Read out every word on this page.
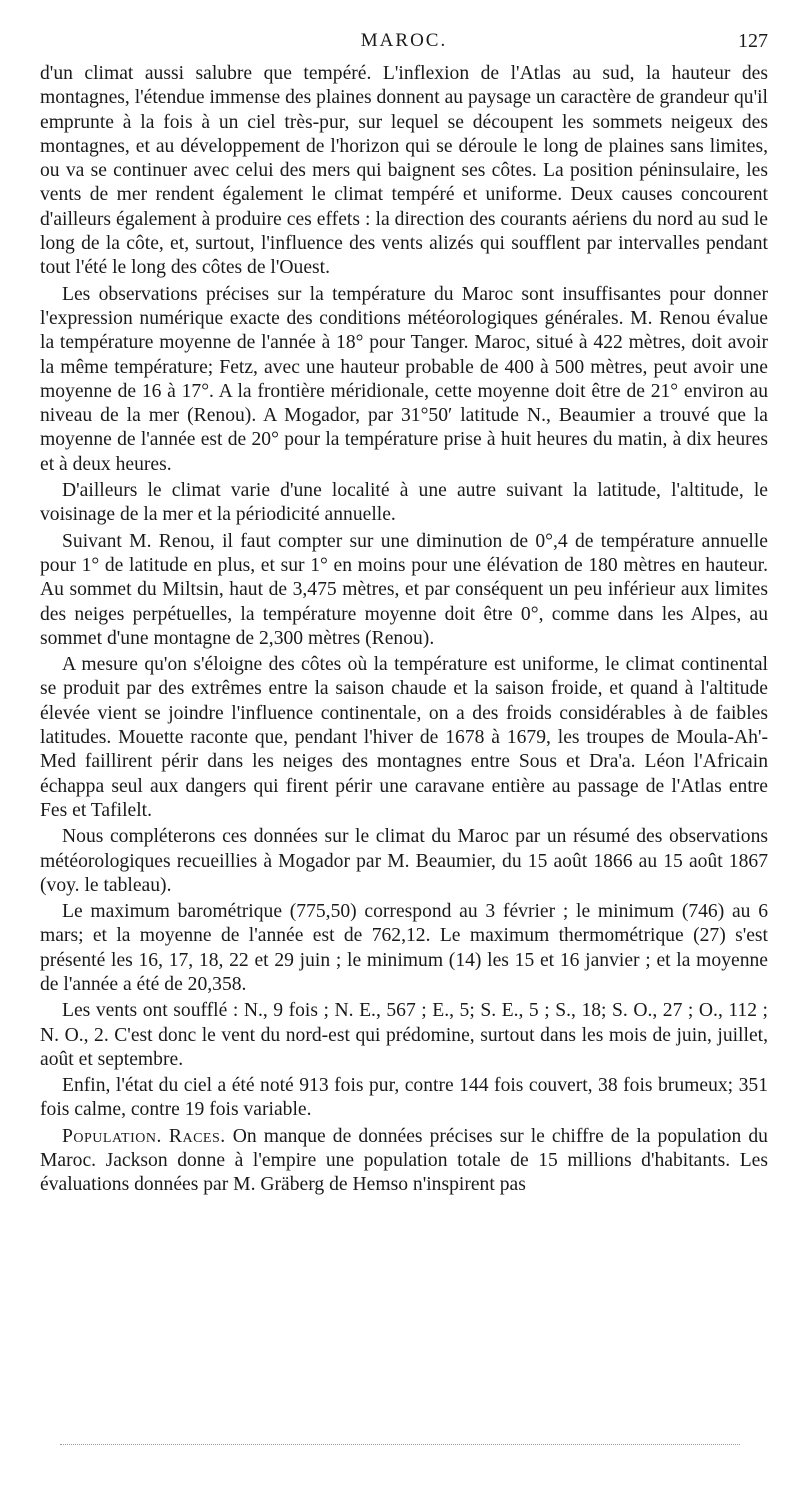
MAROC.	127

d'un climat aussi salubre que tempéré. L'inflexion de l'Atlas au sud, la hauteur des montagnes, l'étendue immense des plaines donnent au paysage un caractère de grandeur qu'il emprunte à la fois à un ciel très-pur, sur lequel se découpent les sommets neigeux des montagnes, et au développement de l'horizon qui se déroule le long de plaines sans limites, ou va se continuer avec celui des mers qui baignent ses côtes. La position péninsulaire, les vents de mer rendent également le climat tempéré et uniforme. Deux causes concourent d'ailleurs également à produire ces effets : la direction des courants aériens du nord au sud le long de la côte, et, surtout, l'influence des vents alizés qui soufflent par intervalles pendant tout l'été le long des côtes de l'Ouest.

Les observations précises sur la température du Maroc sont insuffisantes pour donner l'expression numérique exacte des conditions météorologiques générales. M. Renou évalue la température moyenne de l'année à 18° pour Tanger. Maroc, situé à 422 mètres, doit avoir la même température; Fetz, avec une hauteur probable de 400 à 500 mètres, peut avoir une moyenne de 16 à 17°. A la frontière méridionale, cette moyenne doit être de 21° environ au niveau de la mer (Renou). A Mogador, par 31°50′ latitude N., Beaumier a trouvé que la moyenne de l'année est de 20° pour la température prise à huit heures du matin, à dix heures et à deux heures.

D'ailleurs le climat varie d'une localité à une autre suivant la latitude, l'altitude, le voisinage de la mer et la périodicité annuelle.

Suivant M. Renou, il faut compter sur une diminution de 0°,4 de température annuelle pour 1° de latitude en plus, et sur 1° en moins pour une élévation de 180 mètres en hauteur. Au sommet du Miltsin, haut de 3,475 mètres, et par conséquent un peu inférieur aux limites des neiges perpétuelles, la température moyenne doit être 0°, comme dans les Alpes, au sommet d'une montagne de 2,300 mètres (Renou).

A mesure qu'on s'éloigne des côtes où la température est uniforme, le climat continental se produit par des extrêmes entre la saison chaude et la saison froide, et quand à l'altitude élevée vient se joindre l'influence continentale, on a des froids considérables à de faibles latitudes. Mouette raconte que, pendant l'hiver de 1678 à 1679, les troupes de Moula-Ah'-Med faillirent périr dans les neiges des montagnes entre Sous et Dra'a. Léon l'Africain échappa seul aux dangers qui firent périr une caravane entière au passage de l'Atlas entre Fes et Tafilelt.

Nous compléterons ces données sur le climat du Maroc par un résumé des observations météorologiques recueillies à Mogador par M. Beaumier, du 15 août 1866 au 15 août 1867 (voy. le tableau).

Le maximum barométrique (775,50) correspond au 3 février ; le minimum (746) au 6 mars; et la moyenne de l'année est de 762,12. Le maximum thermométrique (27) s'est présenté les 16, 17, 18, 22 et 29 juin ; le minimum (14) les 15 et 16 janvier ; et la moyenne de l'année a été de 20,358.

Les vents ont soufflé : N., 9 fois ; N. E., 567 ; E., 5; S. E., 5 ; S., 18; S. O., 27 ; O., 112 ; N. O., 2. C'est donc le vent du nord-est qui prédomine, surtout dans les mois de juin, juillet, août et septembre.

Enfin, l'état du ciel a été noté 913 fois pur, contre 144 fois couvert, 38 fois brumeux; 351 fois calme, contre 19 fois variable.

Population. Races. On manque de données précises sur le chiffre de la population du Maroc. Jackson donne à l'empire une population totale de 15 millions d'habitants. Les évaluations données par M. Gräberg de Hemso n'inspirent pas
